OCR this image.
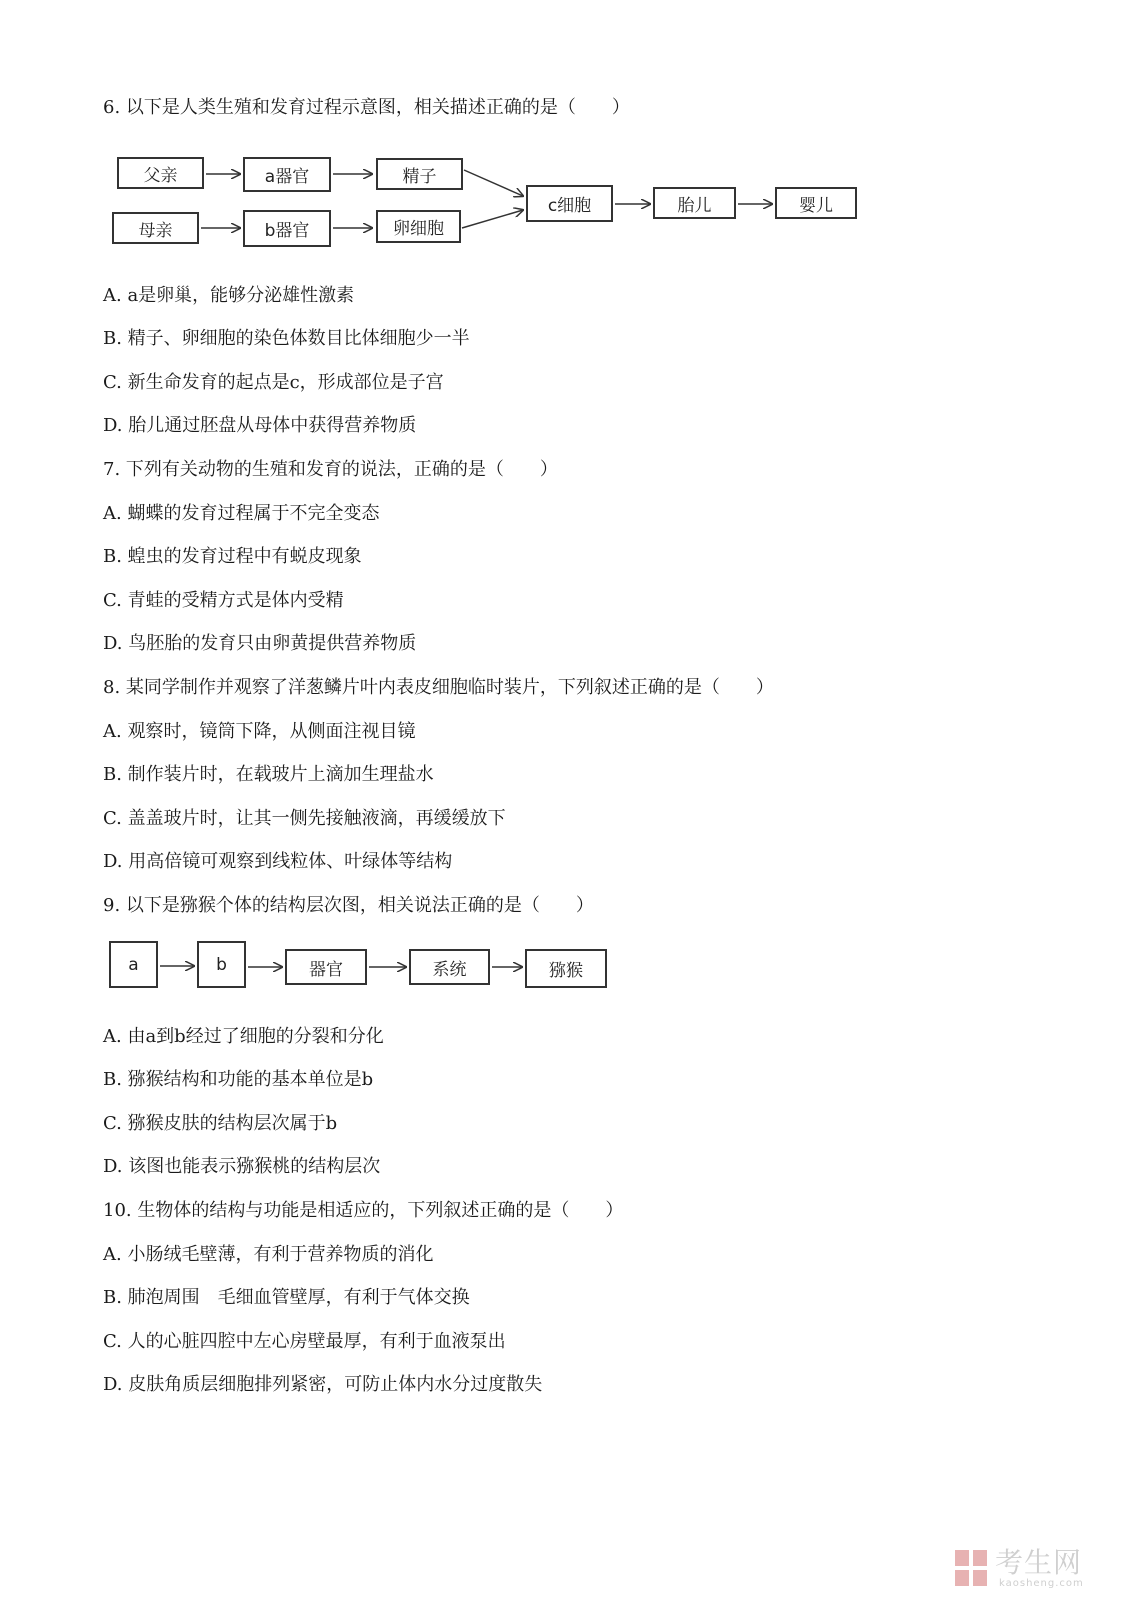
6. 以下是人类生殖和发育过程示意图，相关描述正确的是（　　）
父亲	a器官	精子
母亲	b器官	卵细胞
c细胞	胎儿	婴儿
A. a是卵巢，能够分泌雄性激素
B. 精子、卵细胞的染色体数目比体细胞少一半
C. 新生命发育的起点是c，形成部位是子宫
D. 胎儿通过胚盘从母体中获得营养物质
7. 下列有关动物的生殖和发育的说法，正确的是（　　）
A. 蝴蝶的发育过程属于不完全变态
B. 蝗虫的发育过程中有蜕皮现象
C. 青蛙的受精方式是体内受精
D. 鸟胚胎的发育只由卵黄提供营养物质
8. 某同学制作并观察了洋葱鳞片叶内表皮细胞临时装片，下列叙述正确的是（　　）
A. 观察时，镜筒下降，从侧面注视目镜
B. 制作装片时，在载玻片上滴加生理盐水
C. 盖盖玻片时，让其一侧先接触液滴，再缓缓放下
D. 用高倍镜可观察到线粒体、叶绿体等结构
9. 以下是猕猴个体的结构层次图，相关说法正确的是（　　）
a	b	器官	系统	猕猴
A. 由a到b经过了细胞的分裂和分化
B. 猕猴结构和功能的基本单位是b
C. 猕猴皮肤的结构层次属于b
D. 该图也能表示猕猴桃的结构层次
10. 生物体的结构与功能是相适应的，下列叙述正确的是（　　）
A. 小肠绒毛壁薄，有利于营养物质的消化
B. 肺泡周围　毛细血管壁厚，有利于气体交换
C. 人的心脏四腔中左心房壁最厚，有利于血液泵出
D. 皮肤角质层细胞排列紧密，可防止体内水分过度散失
考生网
kaosheng.com
